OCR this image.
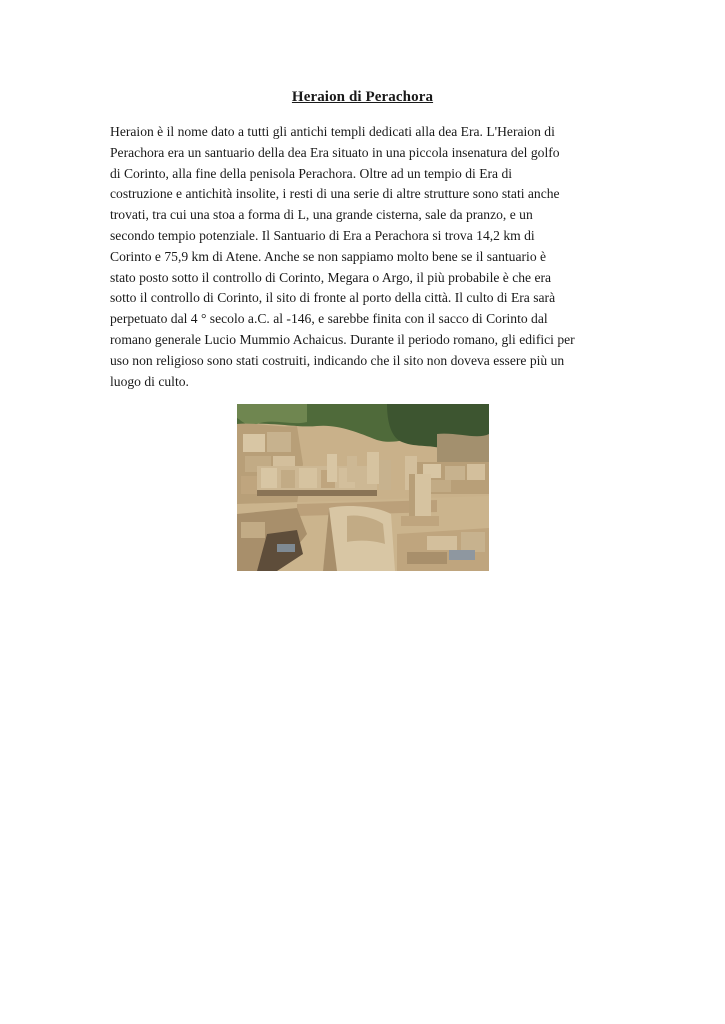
Heraion di Perachora
Heraion è il nome dato a tutti gli antichi templi dedicati alla dea Era. L'Heraion di
Perachora era un santuario della dea Era situato in una piccola insenatura del golfo
di Corinto, alla fine della penisola Perachora. Oltre ad un tempio di Era di
costruzione e antichità insolite, i resti di una serie di altre strutture sono stati anche
trovati, tra cui una stoa a forma di L, una grande cisterna, sale da pranzo, e un
secondo tempio potenziale. Il Santuario di Era a Perachora si trova 14,2 km di
Corinto e 75,9 km di Atene. Anche se non sappiamo molto bene se il santuario è
stato posto sotto il controllo di Corinto, Megara o Argo, il più probabile è che era
sotto il controllo di Corinto, il sito di fronte al porto della città. Il culto di Era sarà
perpetuato dal 4 ° secolo a.C. al -146, e sarebbe finita con il sacco di Corinto dal
romano generale Lucio Mummio Achaicus. Durante il periodo romano, gli edifici per
uso non religioso sono stati costruiti, indicando che il sito non doveva essere più un
luogo di culto.
